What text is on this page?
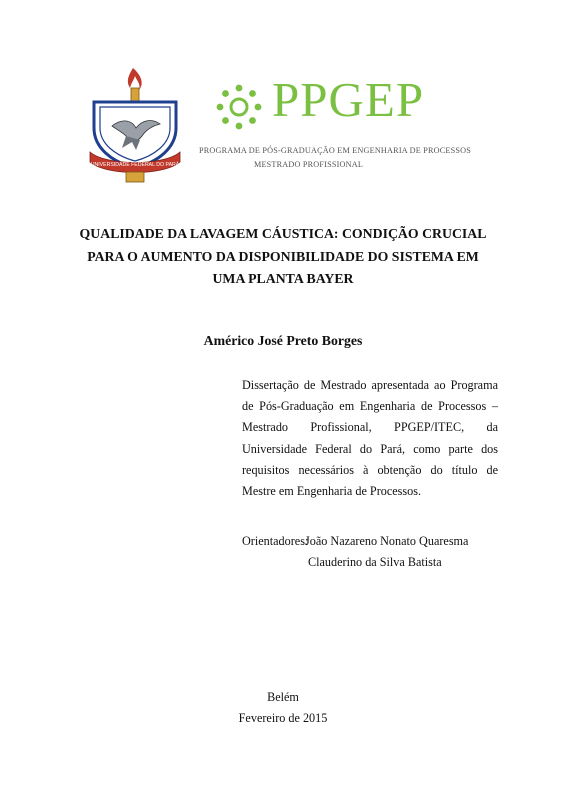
UNIVERSIDADE FEDERAL DO PARÁ
PPGEP
PROGRAMA DE PÓS-GRADUAÇÃO EM ENGENHARIA DE PROCESSOS
MESTRADO PROFISSIONAL
QUALIDADE DA LAVAGEM CÁUSTICA: CONDIÇÃO CRUCIAL
PARA O AUMENTO DA DISPONIBILIDADE DO SISTEMA EM
UMA PLANTA BAYER
Américo José Preto Borges

Dissertação de Mestrado apresentada ao Programa de Pós-Graduação em Engenharia de Processos – Mestrado Profissional, PPGEP/ITEC, da Universidade Federal do Pará, como parte dos requisitos necessários à obtenção do título de Mestre em Engenharia de Processos.

Orientadores:
João Nazareno Nonato Quaresma
Clauderino da Silva Batista
Belém
Fevereiro de 2015
